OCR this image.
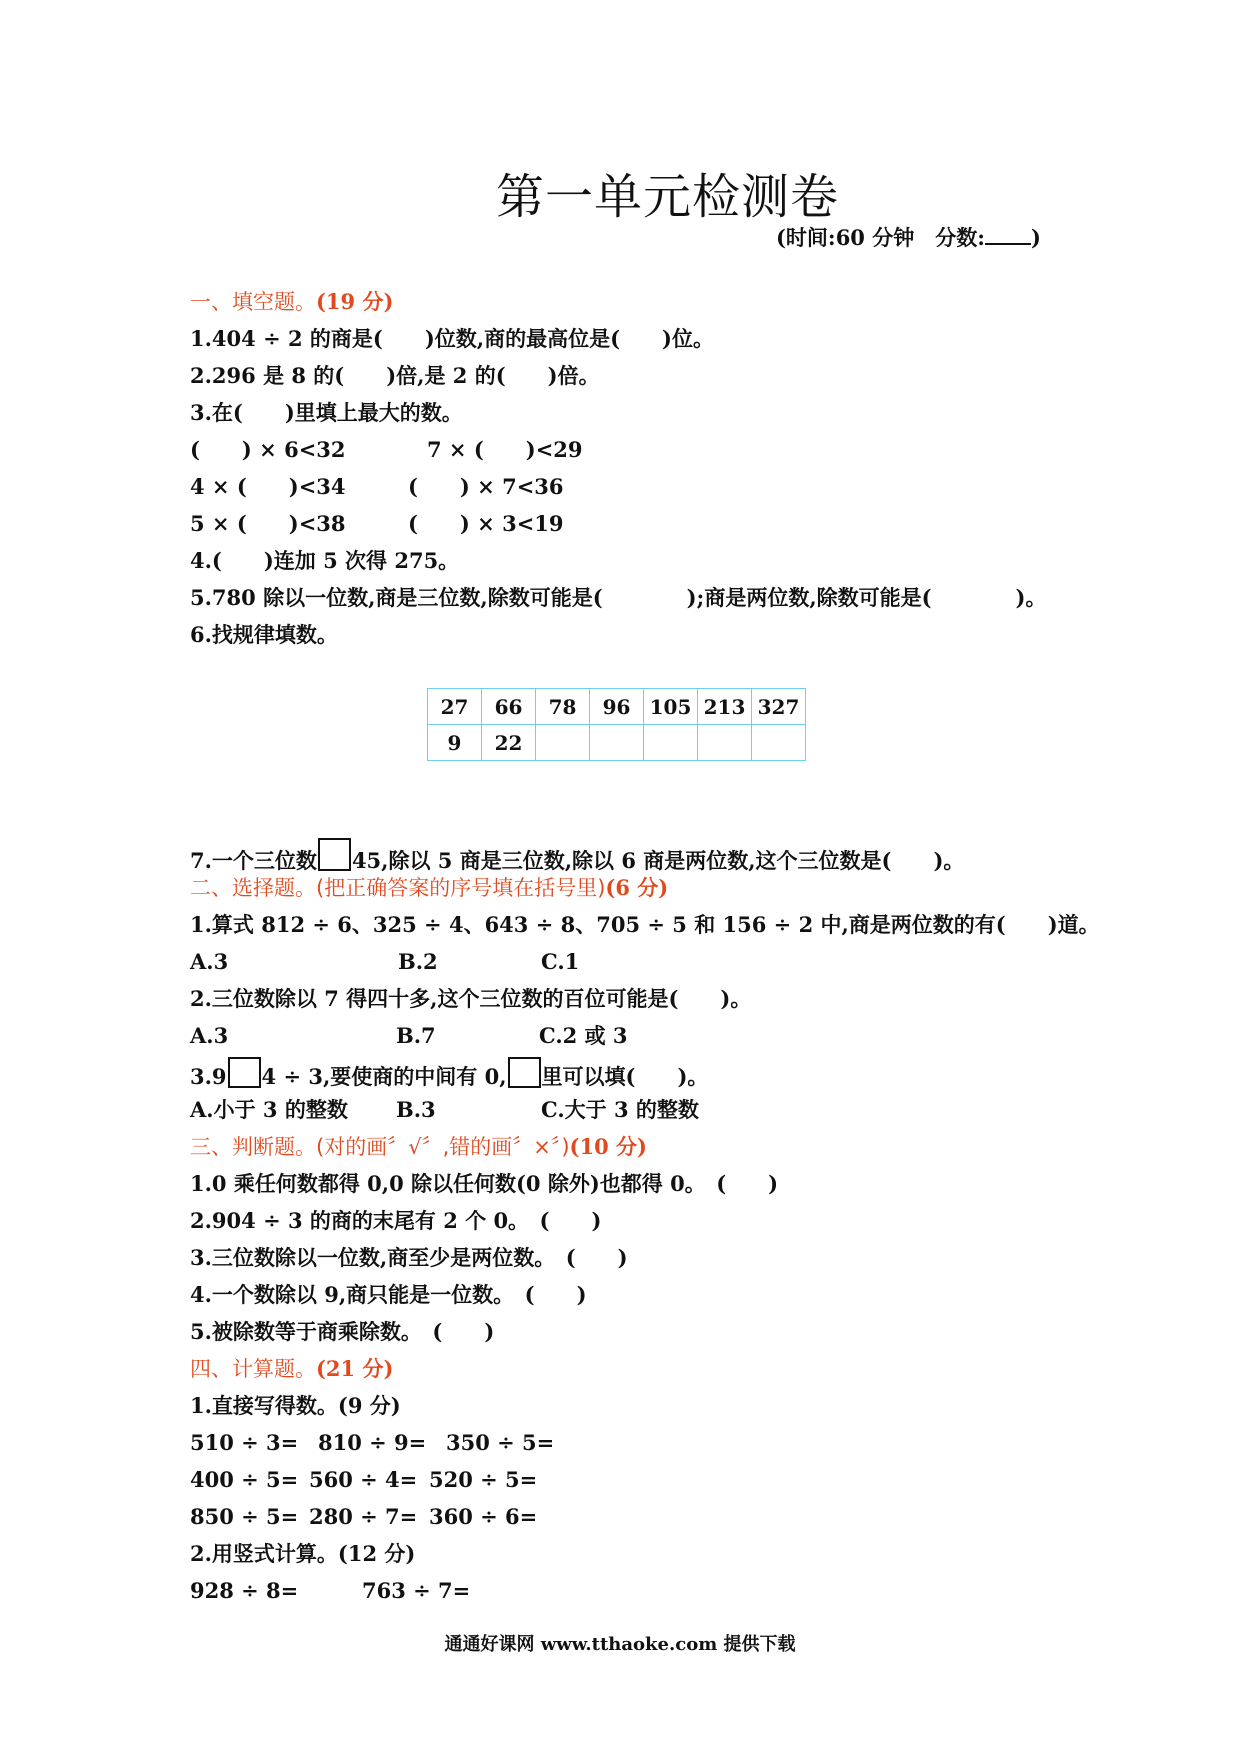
第一单元检测卷
(时间:60 分钟　分数: )
一、填空题。(19 分)
1.404 ÷ 2 的商是(　　)位数,商的最高位是(　　)位。
2.296 是 8 的(　　)倍,是 2 的(　　)倍。
3.在(　　)里填上最大的数。
(　　) × 6<32	7 × (　　)<29
4 × (　　)<34	(　　) × 7<36
5 × (　　)<38	(　　) × 3<19
4.(　　)连加 5 次得 275。
5.780 除以一位数,商是三位数,除数可能是(　　　　);商是两位数,除数可能是(　　　　)。
6.找规律填数。
27	66	78	96	105	213	327
9	22					
7.一个三位数 45,除以 5 商是三位数,除以 6 商是两位数,这个三位数是(　　)。
二、选择题。(把正确答案的序号填在括号里)(6 分)
1.算式 812 ÷ 6、325 ÷ 4、643 ÷ 8、705 ÷ 5 和 156 ÷ 2 中,商是两位数的有(　　)道。
A.3	B.2	C.1
2.三位数除以 7 得四十多,这个三位数的百位可能是(　　)。
A.3	B.7	C.2 或 3
3.9 4 ÷ 3,要使商的中间有 0, 里可以填(　　)。
A.小于 3 的整数 B.3	C.大于 3 的整数
三、判断题。(对的画〞√〞,错的画〞×〞)(10 分)
1.0 乘任何数都得 0,0 除以任何数(0 除外)也都得 0。　(　　)
2.904 ÷ 3 的商的末尾有 2 个 0。　(　　)
3.三位数除以一位数,商至少是两位数。　(　　)
4.一个数除以 9,商只能是一位数。　(　　)
5.被除数等于商乘除数。　(　　)
四、计算题。(21 分)
1.直接写得数。(9 分)
510 ÷ 3= 810 ÷ 9= 350 ÷ 5=
400 ÷ 5= 560 ÷ 4= 520 ÷ 5=
850 ÷ 5= 280 ÷ 7= 360 ÷ 6=
2.用竖式计算。(12 分)
928 ÷ 8=	763 ÷ 7=
通通好课网 www.tthaoke.com 提供下载
